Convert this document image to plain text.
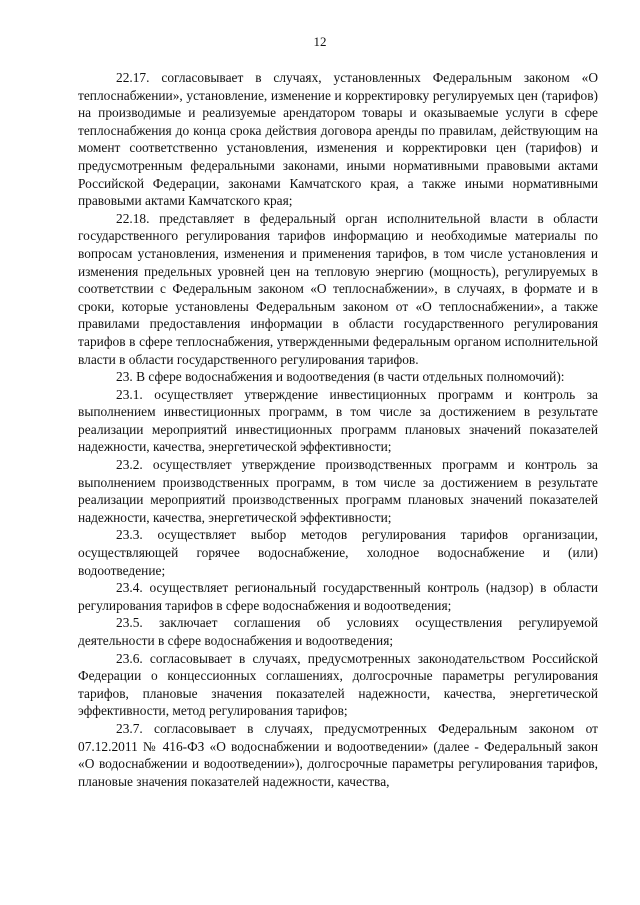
12

22.17. согласовывает в случаях, установленных Федеральным законом «О теплоснабжении», установление, изменение и корректировку регулируемых цен (тарифов) на производимые и реализуемые арендатором товары и оказываемые услуги в сфере теплоснабжения до конца срока действия договора аренды по правилам, действующим на момент соответственно установления, изменения и корректировки цен (тарифов) и предусмотренным федеральными законами, иными нормативными правовыми актами Российской Федерации, законами Камчатского края, а также иными нормативными правовыми актами Камчатского края;

22.18. представляет в федеральный орган исполнительной власти в области государственного регулирования тарифов информацию и необходимые материалы по вопросам установления, изменения и применения тарифов, в том числе установления и изменения предельных уровней цен на тепловую энергию (мощность), регулируемых в соответствии с Федеральным законом «О теплоснабжении», в случаях, в формате и в сроки, которые установлены Федеральным законом от «О теплоснабжении», а также правилами предоставления информации в области государственного регулирования тарифов в сфере теплоснабжения, утвержденными федеральным органом исполнительной власти в области государственного регулирования тарифов.

23. В сфере водоснабжения и водоотведения (в части отдельных полномочий):

23.1. осуществляет утверждение инвестиционных программ и контроль за выполнением инвестиционных программ, в том числе за достижением в результате реализации мероприятий инвестиционных программ плановых значений показателей надежности, качества, энергетической эффективности;

23.2. осуществляет утверждение производственных программ и контроль за выполнением производственных программ, в том числе за достижением в результате реализации мероприятий производственных программ плановых значений показателей надежности, качества, энергетической эффективности;

23.3. осуществляет выбор методов регулирования тарифов организации, осуществляющей горячее водоснабжение, холодное водоснабжение и (или) водоотведение;

23.4. осуществляет региональный государственный контроль (надзор) в области регулирования тарифов в сфере водоснабжения и водоотведения;

23.5. заключает соглашения об условиях осуществления регулируемой деятельности в сфере водоснабжения и водоотведения;

23.6. согласовывает в случаях, предусмотренных законодательством Российской Федерации о концессионных соглашениях, долгосрочные параметры регулирования тарифов, плановые значения показателей надежности, качества, энергетической эффективности, метод регулирования тарифов;

23.7. согласовывает в случаях, предусмотренных Федеральным законом от 07.12.2011 № 416-ФЗ «О водоснабжении и водоотведении» (далее - Федеральный закон «О водоснабжении и водоотведении»), долгосрочные параметры регулирования тарифов, плановые значения показателей надежности, качества,
